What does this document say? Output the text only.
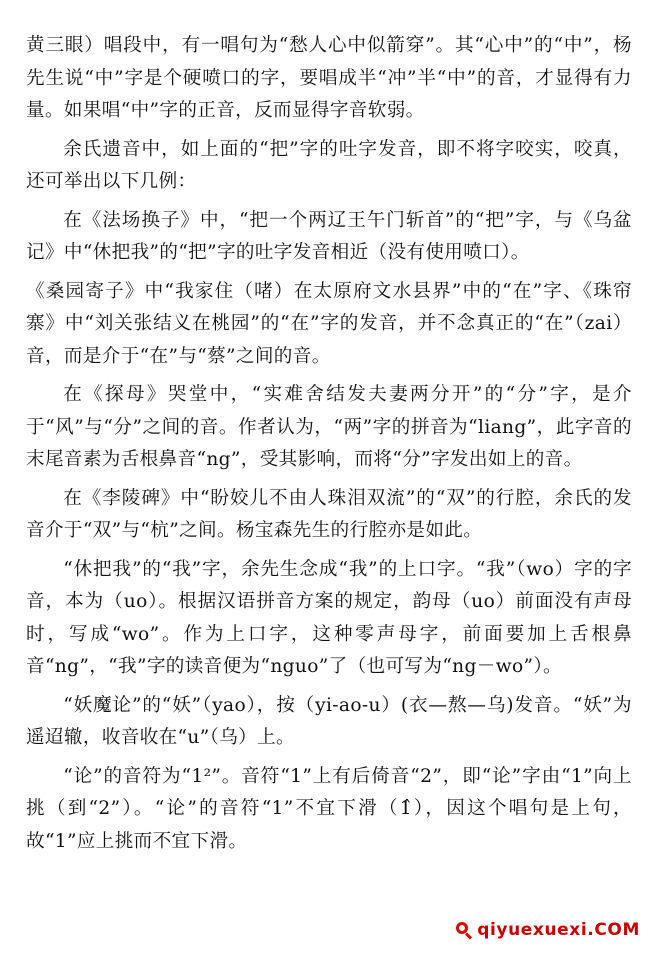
黄三眼）唱段中，有一唱句为“愁人心中似箭穿”。其“心中”的“中”，杨先生说“中”字是个硬喷口的字，要唱成半“冲”半“中”的音，才显得有力量。如果唱“中”字的正音，反而显得字音软弱。

余氏遗音中，如上面的“把”字的吐字发音，即不将字咬实，咬真，还可举出以下几例：

在《法场换子》中，“把一个两辽王午门斩首”的“把”字，与《乌盆记》中“休把我”的“把”字的吐字发音相近（没有使用喷口）。

《桑园寄子》中“我家住（啫）在太原府文水县界”中的“在”字、《珠帘寨》中“刘关张结义在桃园”的“在”字的发音，并不念真正的“在”（zai）音，而是介于“在”与“蔡”之间的音。

在《探母》哭堂中，“实难舍结发夫妻两分开”的“分”字，是介于“风”与“分”之间的音。作者认为，“两”字的拼音为“liang”，此字音的末尾音素为舌根鼻音“ng”，受其影响，而将“分”字发出如上的音。

在《李陵碑》中“盼姣儿不由人珠泪双流”的“双”的行腔，余氏的发音介于“双”与“杭”之间。杨宝森先生的行腔亦是如此。

“休把我”的“我”字，余先生念成“我”的上口字。“我”（wo）字的字音，本为（uo）。根据汉语拼音方案的规定，韵母（uo）前面没有声母时，写成“wo”。作为上口字，这种零声母字，前面要加上舌根鼻音“ng”，“我”字的读音便为“nguo”了（也可写为“ng－wo”）。

“妖魔论”的“妖”（yao），按（yi-ao-u）(衣—熬—乌)发音。“妖”为遥迢辙，收音收在“u”（乌）上。

“论”的音符为“1²”。音符“1”上有后倚音“2”，即“论”字由“1”向上挑（到“2”）。“论”的音符“1”不宜下滑（1̂），因这个唱句是上句，故“1”应上挑而不宜下滑。

qiyuexuexi.COM
